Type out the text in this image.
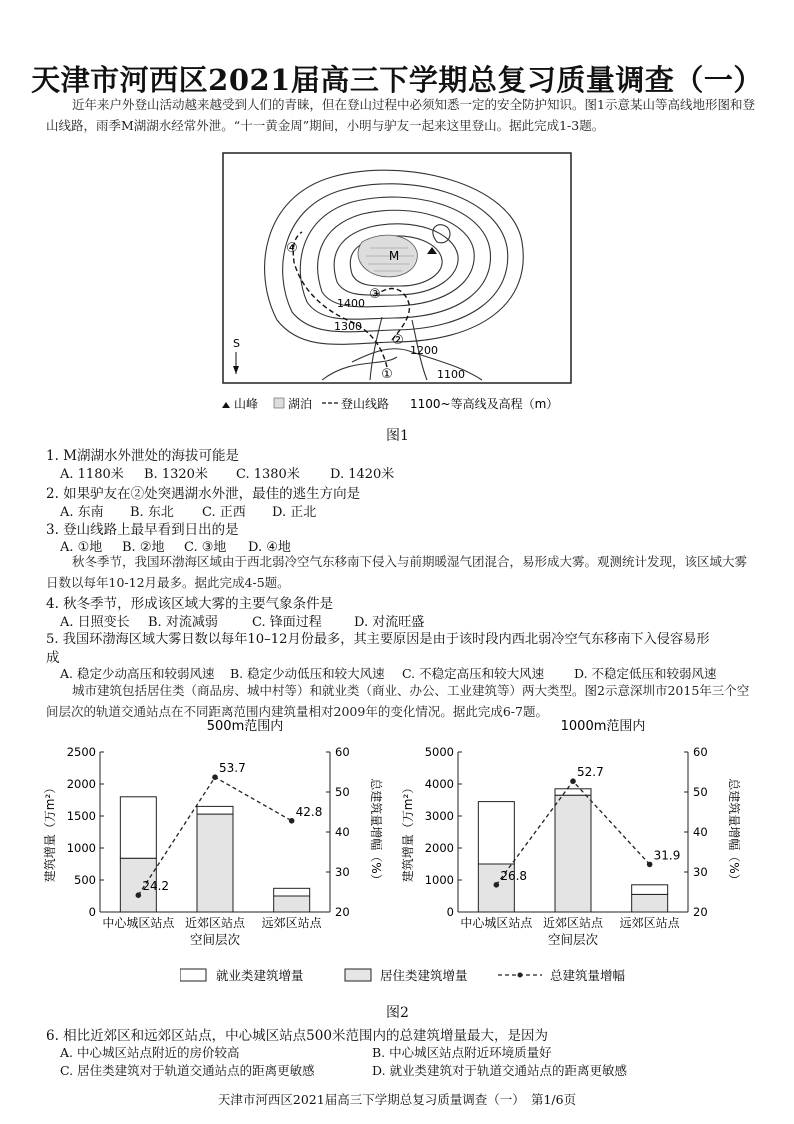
天津市河西区2021届高三下学期总复习质量调查（一）
近年来户外登山活动越来越受到人们的青睐，但在登山过程中必须知悉一定的安全防护知识。图1示意某山等高线地形图和登山线路，雨季M湖湖水经常外泄。“十一黄金周”期间，小明与驴友一起来这里登山。据此完成1-3题。
M
1400
1300
1200
1100
S
①
②
③
④
山峰 湖泊 登山线路 1100~等高线及高程（m）
图1
1. M湖湖水外泄处的海拔可能是
A. 1180米 B. 1320米 C. 1380米 D. 1420米
2. 如果驴友在②处突遇湖水外泄，最佳的逃生方向是
A. 东南 B. 东北 C. 正西 D. 正北
3. 登山线路上最早看到日出的是
A. ①地 B. ②地 C. ③地 D. ④地
秋冬季节，我国环渤海区域由于西北弱冷空气东移南下侵入与前期暖湿气团混合，易形成大雾。观测统计发现，该区域大雾日数以每年10-12月最多。据此完成4-5题。
4. 秋冬季节，形成该区域大雾的主要气象条件是
A. 日照变长 B. 对流减弱	C. 锋面过程 D. 对流旺盛
5. 我国环渤海区域大雾日数以每年10–12月份最多，其主要原因是由于该时段内西北弱冷空气东移南下入侵容易形
成
A. 稳定少动高压和较弱风速 B. 稳定少动低压和较大风速 C. 不稳定高压和较大风速 D. 不稳定低压和较弱风速
城市建筑包括居住类（商品房、城中村等）和就业类（商业、办公、工业建筑等）两大类型。图2示意深圳市2015年三个空间层次的轨道交通站点在不同距离范围内建筑量相对2009年的变化情况。据此完成6-7题。
500m范围内
0
500
1000
1500
2000
2500
20
30
40
50
60
建筑增量（万m²）	总建筑量增幅（%）
中心城区站点 近郊区站点 远郊区站点
24.2
53.7
42.8
空间层次
1000m范围内
0
1000
2000
3000
4000
5000
20
30
40
50
60
建筑增量（万m²）	总建筑量增幅（%）
中心城区站点 近郊区站点 远郊区站点
26.8
52.7
31.9
空间层次
就业类建筑增量	居住类建筑增量	总建筑量增幅
图2
6. 相比近郊区和远郊区站点，中心城区站点500米范围内的总建筑增量最大，是因为
A. 中心城区站点附近的房价较高	B. 中心城区站点附近环境质量好
C. 居住类建筑对于轨道交通站点的距离更敏感	D. 就业类建筑对于轨道交通站点的距离更敏感
天津市河西区2021届高三下学期总复习质量调查（一）　第1/6页
